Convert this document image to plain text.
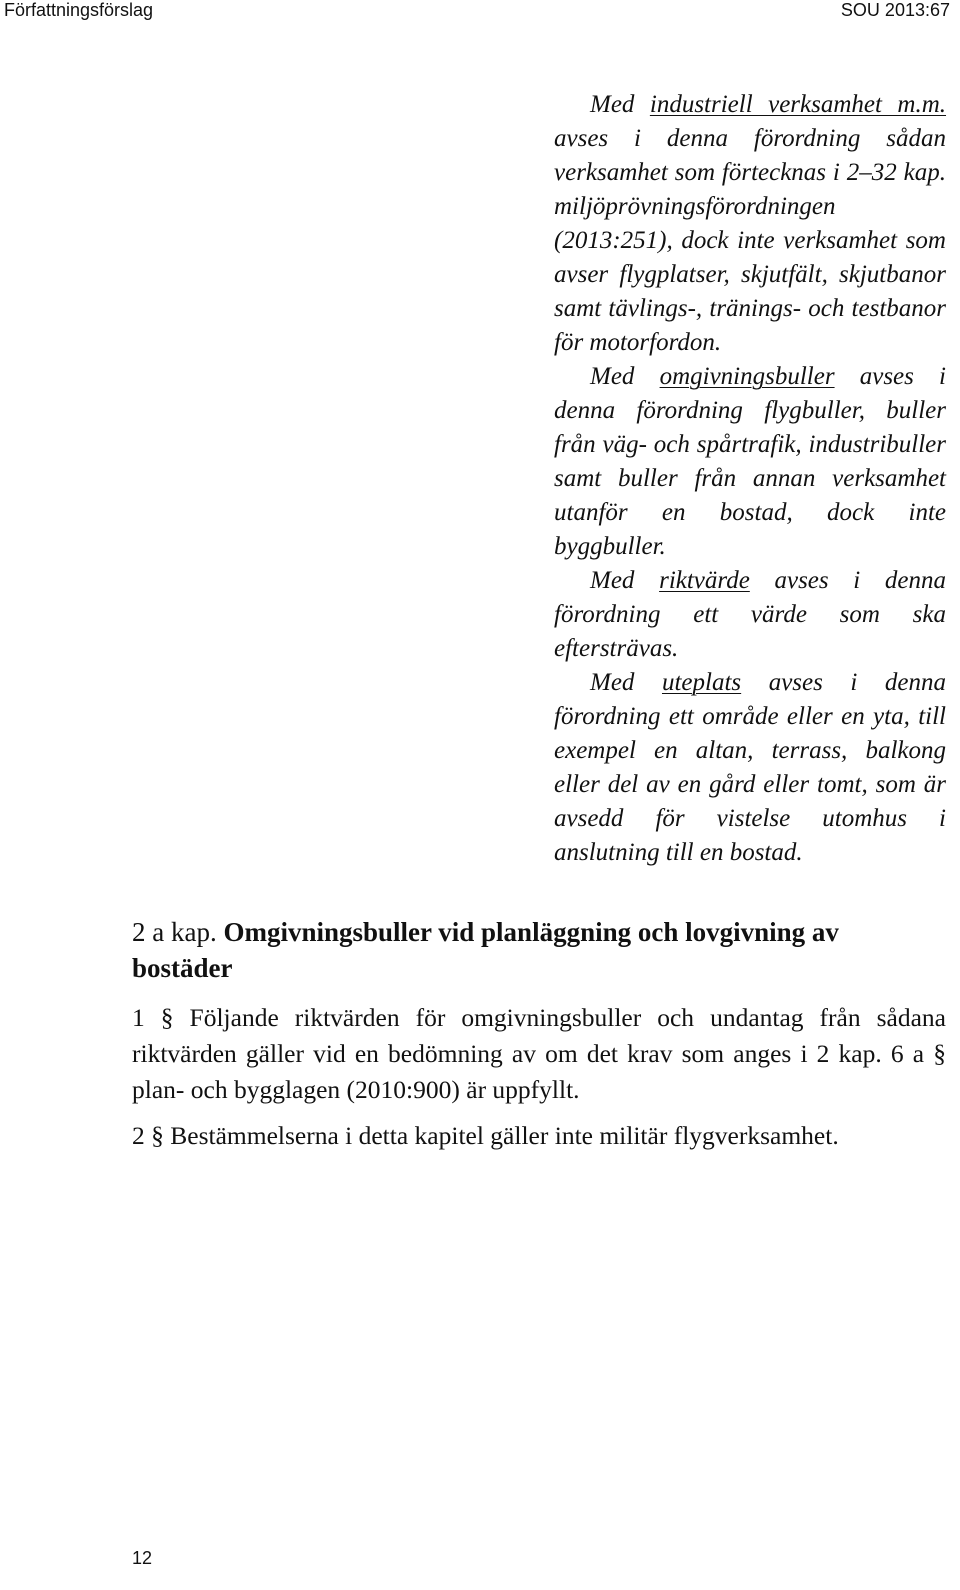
Författningsförslag	SOU 2013:67

Med industriell verksamhet m.m. avses i denna förordning sådan verksamhet som förtecknas i 2–32 kap. miljöprövningsförordningen (2013:251), dock inte verksamhet som avser flygplatser, skjutfält, skjutbanor samt tävlings-, tränings- och testbanor för motorfordon.

Med omgivningsbuller avses i denna förordning flygbuller, buller från väg- och spårtrafik, industribuller samt buller från annan verksamhet utanför en bostad, dock inte byggbuller.

Med riktvärde avses i denna förordning ett värde som ska eftersträvas.

Med uteplats avses i denna förordning ett område eller en yta, till exempel en altan, terrass, balkong eller del av en gård eller tomt, som är avsedd för vistelse utomhus i anslutning till en bostad.

2 a kap. Omgivningsbuller vid planläggning och lovgivning av bostäder

1 § Följande riktvärden för omgivningsbuller och undantag från sådana riktvärden gäller vid en bedömning av om det krav som anges i 2 kap. 6 a § plan- och bygglagen (2010:900) är uppfyllt.

2 § Bestämmelserna i detta kapitel gäller inte militär flygverksamhet.

12
